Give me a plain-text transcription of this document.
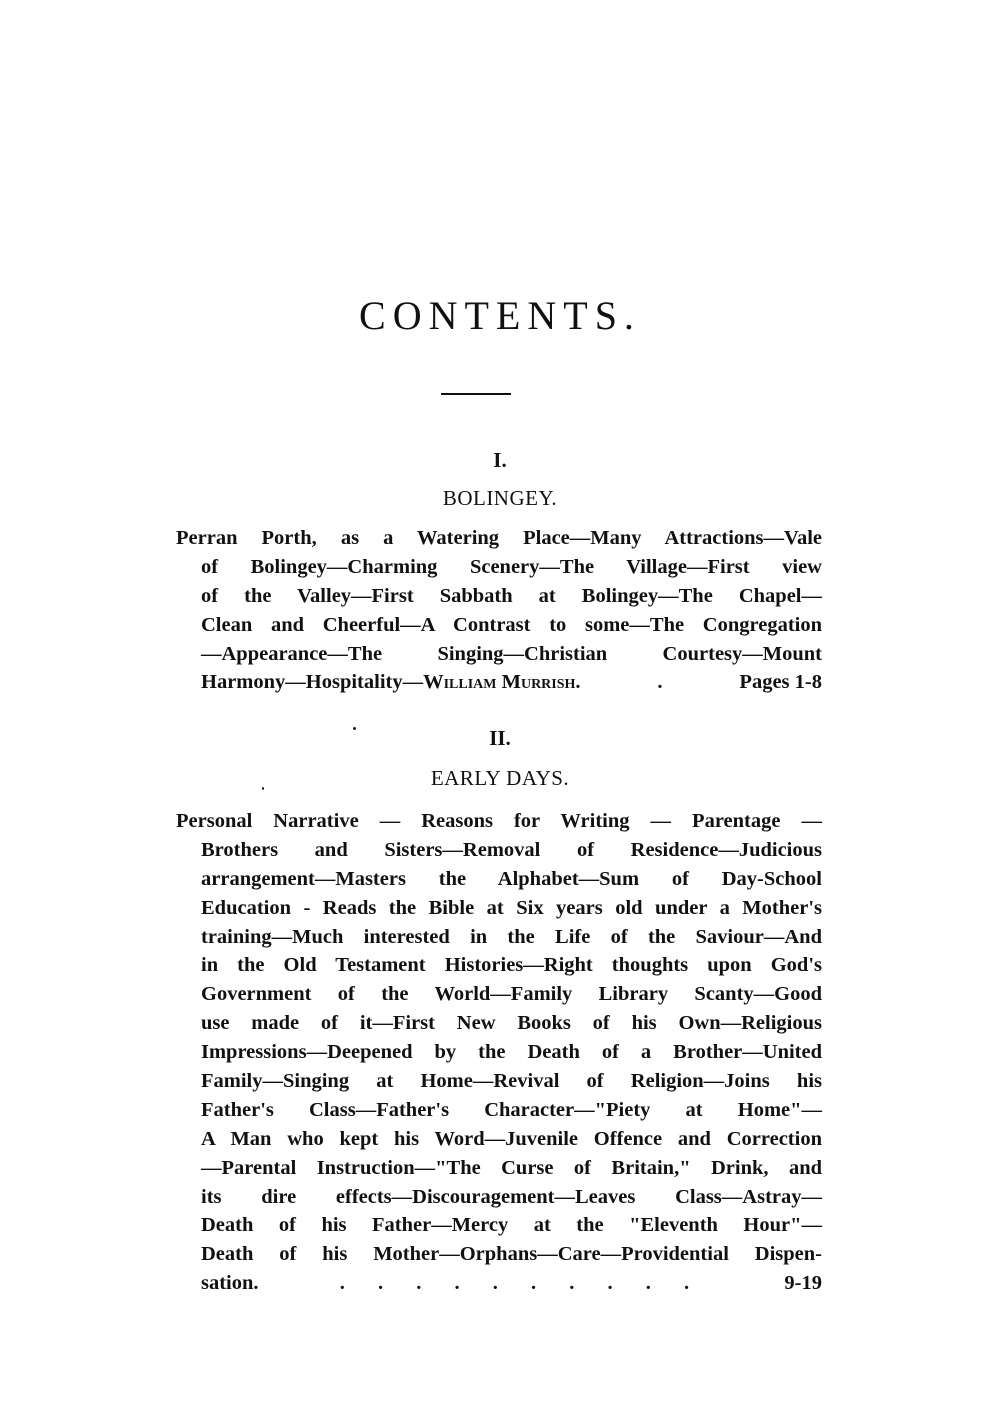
CONTENTS.
I.
BOLINGEY.
Perran Porth, as a Watering Place—Many Attractions—Vale
of Bolingey—Charming Scenery—The Village—First view
of the Valley—First Sabbath at Bolingey—The Chapel—
Clean and Cheerful—A Contrast to some—The Congregation
—Appearance—The Singing—Christian Courtesy—Mount
Harmony—Hospitality—William Murrish.	.	Pages 1-8
II.
EARLY DAYS.
Personal Narrative — Reasons for Writing — Parentage —
Brothers and Sisters—Removal of Residence—Judicious
arrangement—Masters the Alphabet—Sum of Day-School
Education - Reads the Bible at Six years old under a Mother's
training—Much interested in the Life of the Saviour—And
in the Old Testament Histories—Right thoughts upon God's
Government of the World—Family Library Scanty—Good
use made of it—First New Books of his Own—Religious
Impressions—Deepened by the Death of a Brother—United
Family—Singing at Home—Revival of Religion—Joins his
Father's Class—Father's Character—"Piety at Home"—
A Man who kept his Word—Juvenile Offence and Correction
—Parental Instruction—"The Curse of Britain," Drink, and
its dire effects—Discouragement—Leaves Class—Astray—
Death of his Father—Mercy at the "Eleventh Hour"—
Death of his Mother—Orphans—Care—Providential Dispen-
sation.	. . . . . . . . . .	9-19
